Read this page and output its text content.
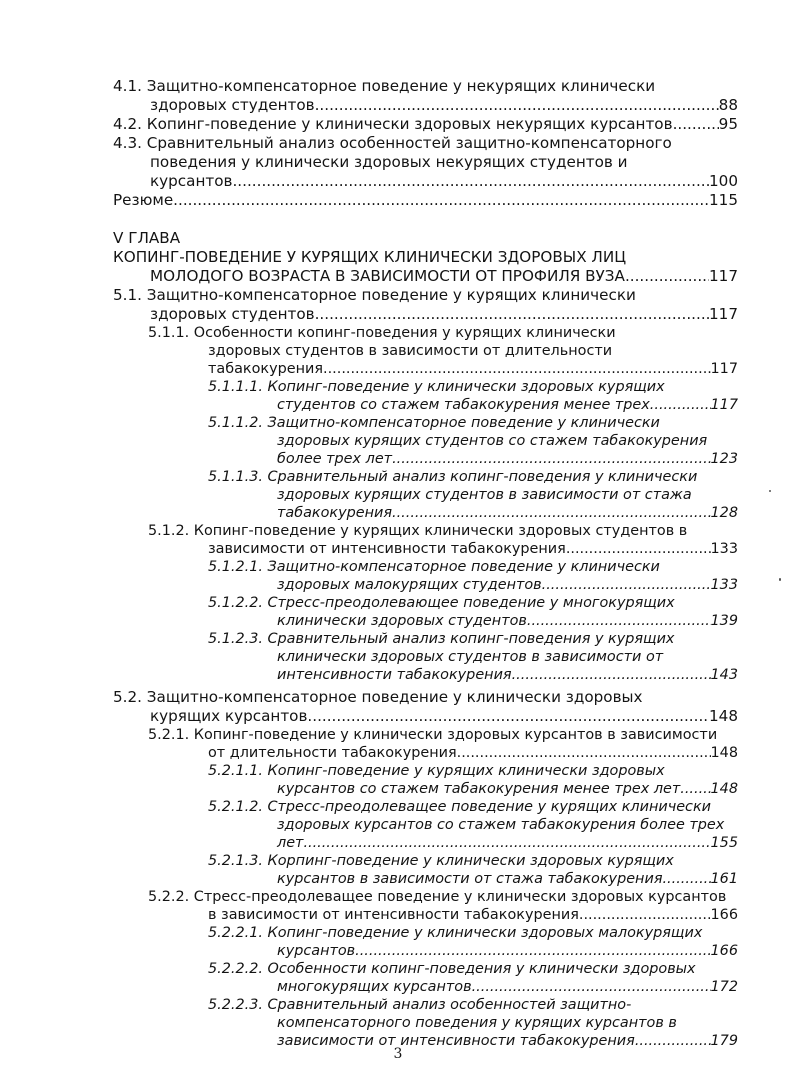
4.1. Защитно-компенсаторное поведение у некурящих клинически
здоровых студентов .....	88
4.2. Копинг-поведение у клинически здоровых некурящих курсантов .....	95
4.3. Сравнительный анализ особенностей защитно-компенсаторного
поведения у клинически здоровых некурящих студентов и
курсантов .....	100
Резюме .....	115
V ГЛАВА
КОПИНГ-ПОВЕДЕНИЕ У КУРЯЩИХ КЛИНИЧЕСКИ ЗДОРОВЫХ ЛИЦ
МОЛОДОГО ВОЗРАСТА В ЗАВИСИМОСТИ ОТ ПРОФИЛЯ ВУЗА .....	117
5.1. Защитно-компенсаторное поведение у курящих клинически
здоровых студентов .....	117
5.1.1. Особенности копинг-поведения у курящих клинически
здоровых студентов в зависимости от длительности
табакокурения .....	117
5.1.1.1. Копинг-поведение у клинически здоровых курящих
студентов со стажем табакокурения менее трех .....	117
5.1.1.2. Защитно-компенсаторное поведение у клинически
здоровых курящих студентов со стажем табакокурения
более трех лет .....	123
5.1.1.3. Сравнительный анализ копинг-поведения у клинически
здоровых курящих студентов в зависимости от стажа
табакокурения .....	128
5.1.2. Копинг-поведение у курящих клинически здоровых студентов в
зависимости от интенсивности табакокурения .....	133
5.1.2.1. Защитно-компенсаторное поведение у клинически
здоровых малокурящих студентов .....	133
5.1.2.2. Стресс-преодолевающее поведение у многокурящих
клинически здоровых студентов .....	139
5.1.2.3. Сравнительный анализ копинг-поведения у курящих
клинически здоровых студентов в зависимости от
интенсивности табакокурения .....	143
5.2. Защитно-компенсаторное поведение у клинически здоровых
курящих курсантов .....	148
5.2.1. Копинг-поведение у клинически здоровых курсантов в зависимости
от длительности табакокурения .....	148
5.2.1.1. Копинг-поведение у курящих клинически здоровых
курсантов со стажем табакокурения менее трех лет ..... 148
5.2.1.2. Стресс-преодолеващее поведение у курящих клинически
здоровых курсантов со стажем табакокурения более трех
лет .....	155
5.2.1.3. Корпинг-поведение у клинически здоровых курящих
курсантов в зависимости от стажа табакокурения .....	161
5.2.2. Стресс-преодолеващее поведение у клинически здоровых курсантов
в зависимости от интенсивности табакокурения .....	166
5.2.2.1. Копинг-поведение у клинически здоровых малокурящих
курсантов .....	166
5.2.2.2. Особенности копинг-поведения у клинически здоровых
многокурящих курсантов .....	172
5.2.2.3. Сравнительный анализ особенностей защитно-
компенсаторного поведения у курящих курсантов в
зависимости от интенсивности табакокурения .....	179
3
